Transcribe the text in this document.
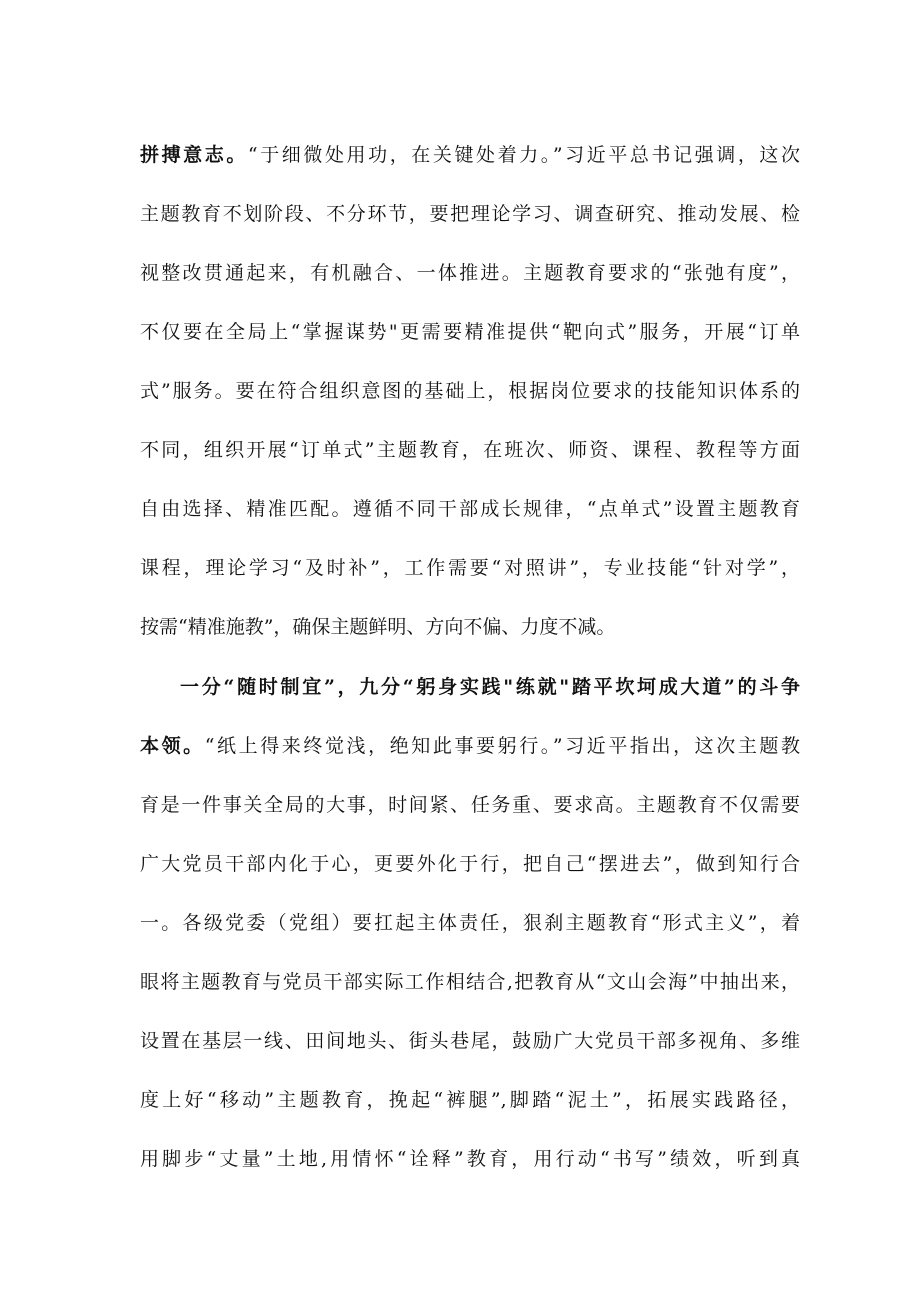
拼搏意志。“于细微处用功，在关键处着力。”习近平总书记强调，这次
主题教育不划阶段、不分环节，要把理论学习、调查研究、推动发展、检
视整改贯通起来，有机融合、一体推进。主题教育要求的“张弛有度”，
不仅要在全局上“掌握谋势"更需要精准提供“靶向式”服务，开展“订单
式”服务。要在符合组织意图的基础上，根据岗位要求的技能知识体系的
不同，组织开展“订单式”主题教育，在班次、师资、课程、教程等方面
自由选择、精准匹配。遵循不同干部成长规律，“点单式”设置主题教育
课程，理论学习“及时补”，工作需要“对照讲”，专业技能“针对学”，
按需“精准施教”，确保主题鲜明、方向不偏、力度不减。
一分“随时制宜”，九分“躬身实践"练就"踏平坎坷成大道”的斗争
本领。“纸上得来终觉浅，绝知此事要躬行。”习近平指出，这次主题教
育是一件事关全局的大事，时间紧、任务重、要求高。主题教育不仅需要
广大党员干部内化于心，更要外化于行，把自己“摆进去”，做到知行合
一。各级党委（党组）要扛起主体责任，狠刹主题教育“形式主义”，着
眼将主题教育与党员干部实际工作相结合,把教育从“文山会海”中抽出来，
设置在基层一线、田间地头、街头巷尾，鼓励广大党员干部多视角、多维
度上好“移动”主题教育，挽起“裤腿”,脚踏“泥土”，拓展实践路径，
用脚步“丈量”土地,用情怀“诠释”教育，用行动“书写”绩效，听到真
